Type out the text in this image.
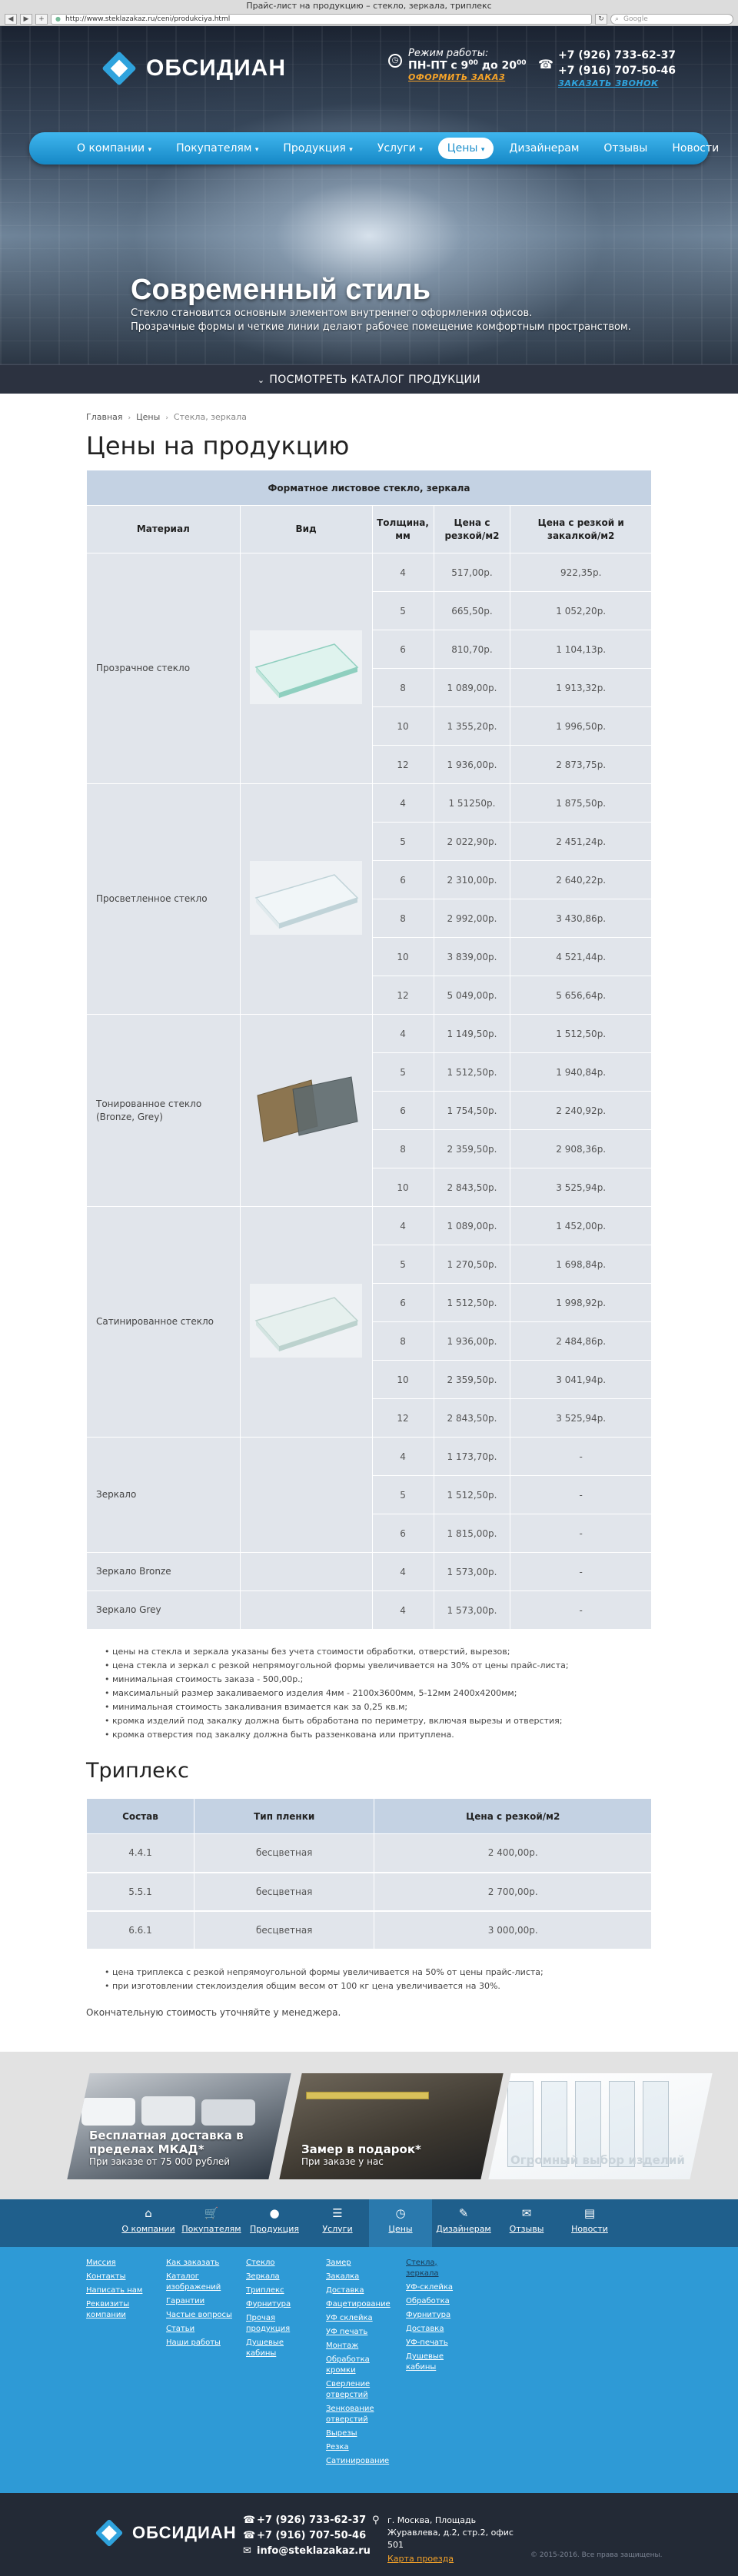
Прайс-лист на продукцию – стекло, зеркала, триплекс
◀	▶	+	● http://www.steklazakaz.ru/ceni/produkciya.html	↻	⌕ Google
ОБСИДИАН	◷
Режим работы:
ПН-ПТ с $9^{00}$ до $20^{00}$
ОФОРМИТЬ ЗАКАЗ
☎
+7 (926) 733-62-37
+7 (916) 707-50-46
ЗАКАЗАТЬ ЗВОНОК
О компании ▾	Покупателям ▾	Продукция ▾	Услуги ▾	Цены ▾	Дизайнерам	Отзывы	Новости
Современный стиль
Стекло становится основным элементом внутреннего оформления офисов.
Прозрачные формы и четкие линии делают рабочее помещение комфортным пространством.
⌄ ПОСМОТРЕТЬ КАТАЛОГ ПРОДУКЦИИ
Главная › Цены › Стекла, зеркала
Цены на продукцию
Форматное листовое стекло, зеркала				
Материал	Вид	Толщина, мм	Цена с резкой/м2	Цена с резкой и закалкой/м2
Прозрачное стекло		4	517,00р.	922,35р.
		5	665,50р.	1 052,20р.
		6	810,70р.	1 104,13р.
		8	1 089,00р.	1 913,32р.
		10	1 355,20р.	1 996,50р.
		12	1 936,00р.	2 873,75р.
Просветленное стекло		4	1 51250р.	1 875,50р.
		5	2 022,90р.	2 451,24р.
		6	2 310,00р.	2 640,22р.
		8	2 992,00р.	3 430,86р.
		10	3 839,00р.	4 521,44р.
		12	5 049,00р.	5 656,64р.
Тонированное стекло (Bronze, Grey)		4	1 149,50р.	1 512,50р.
		5	1 512,50р.	1 940,84р.
		6	1 754,50р.	2 240,92р.
		8	2 359,50р.	2 908,36р.
		10	2 843,50р.	3 525,94р.
Сатинированное стекло		4	1 089,00р.	1 452,00р.
		5	1 270,50р.	1 698,84р.
		6	1 512,50р.	1 998,92р.
		8	1 936,00р.	2 484,86р.
		10	2 359,50р.	3 041,94р.
		12	2 843,50р.	3 525,94р.
Зеркало		4	1 173,70р.	-
		5	1 512,50р.	-
		6	1 815,00р.	-
Зеркало Bronze		4	1 573,00р.	-
Зеркало Grey		4	1 573,00р.	-
• цены на стекла и зеркала указаны без учета стоимости обработки, отверстий, вырезов;
• цена стекла и зеркал с резкой непрямоугольной формы увеличивается на 30% от цены прайс-листа;
• минимальная стоимость заказа - 500,00р.;
• максимальный размер закаливаемого изделия 4мм - 2100х3600мм, 5-12мм 2400х4200мм;
• минимальная стоимость закаливания взимается как за 0,25 кв.м;
• кромка изделий под закалку должна быть обработана по периметру, включая вырезы и отверстия;
• кромка отверстия под закалку должна быть раззенкована или притуплена.
Триплекс
Состав	Тип пленки	Цена с резкой/м2
4.4.1	бесцветная	2 400,00р.
5.5.1	бесцветная	2 700,00р.
6.6.1	бесцветная	3 000,00р.
• цена триплекса с резкой непрямоугольной формы увеличивается на 50% от цены прайс-листа;
• при изготовлении стеклоизделия общим весом от 100 кг цена увеличивается на 30%.
Окончательную стоимость уточняйте у менеджера.
Бесплатная доставка в пределах МКАД*
При заказе от 75 000 рублей
Замер в подарок*
При заказе у нас	Огромный выбор изделий
⌂
О компании
🛒
Покупателям
●
Продукция
☰
Услуги
◷
Цены
✎
Дизайнерам
✉
Отзывы
▤
Новости
Миссия
Контакты
Написать нам
Реквизиты компании
Как заказать
Каталог изображений
Гарантии
Частые вопросы
Статьи
Наши работы
Стекло
Зеркала
Триплекс
Фурнитура
Прочая продукция
Душевые кабины
Замер
Закалка
Доставка
Фацетирование
УФ склейка
УФ печать
Монтаж
Обработка кромки
Сверление отверстий
Зенкование отверстий
Вырезы
Резка
Сатинирование
Стекла, зеркала
УФ-склейка
Обработка
Фурнитура
Доставка
УФ-печать
Душевые кабины
ОБСИДИАН
☎ +7 (926) 733-62-37
☎ +7 (916) 707-50-46
✉ info@steklazakaz.ru
⚲ г. Москва, Площадь Журавлева, д.2, стр.2, офис 501
Карта проезда	© 2015-2016. Все права защищены.
